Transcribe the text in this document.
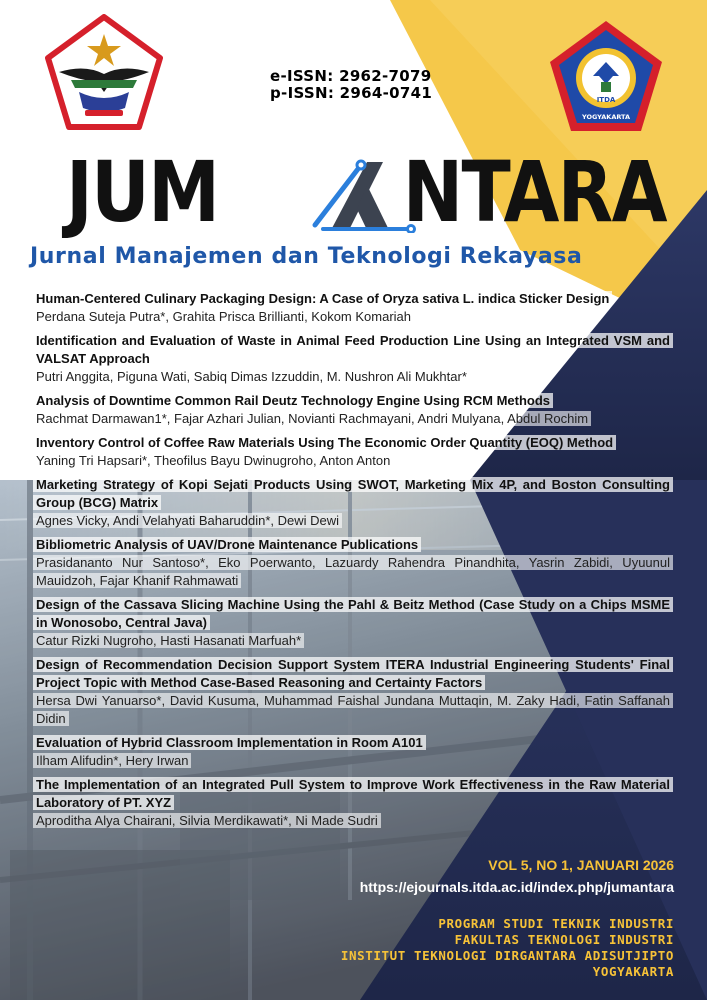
e-ISSN: 2962-7079
p-ISSN: 2964-0741	ITDA
YOGYAKARTA
JUM NTARA
Jurnal Manajemen dan Teknologi Rekayasa
Human-Centered Culinary Packaging Design: A Case of Oryza sativa L. indica Sticker Design
Perdana Suteja Putra*, Grahita Prisca Brillianti, Kokom Komariah
Identification and Evaluation of Waste in Animal Feed Production Line Using an Integrated VSM and VALSAT Approach
Putri Anggita, Piguna Wati, Sabiq Dimas Izzuddin, M. Nushron Ali Mukhtar*
Analysis of Downtime Common Rail Deutz Technology Engine Using RCM Methods
Rachmat Darmawan1*, Fajar Azhari Julian, Novianti Rachmayani, Andri Mulyana, Abdul Rochim
Inventory Control of Coffee Raw Materials Using The Economic Order Quantity (EOQ) Method
Yaning Tri Hapsari*, Theofilus Bayu Dwinugroho, Anton Anton
Marketing Strategy of Kopi Sejati Products Using SWOT, Marketing Mix 4P, and Boston Consulting Group (BCG) Matrix
Agnes Vicky, Andi Velahyati Baharuddin*, Dewi Dewi
Bibliometric Analysis of UAV/Drone Maintenance Publications
Prasidananto Nur Santoso*, Eko Poerwanto, Lazuardy Rahendra Pinandhita, Yasrin Zabidi, Uyuunul Mauidzoh, Fajar Khanif Rahmawati
Design of the Cassava Slicing Machine Using the Pahl & Beitz Method (Case Study on a Chips MSME in Wonosobo, Central Java)
Catur Rizki Nugroho, Hasti Hasanati Marfuah*
Design of Recommendation Decision Support System ITERA Industrial Engineering Students' Final Project Topic with Method Case-Based Reasoning and Certainty Factors
Hersa Dwi Yanuarso*, David Kusuma, Muhammad Faishal Jundana Muttaqin, M. Zaky Hadi, Fatin Saffanah Didin
Evaluation of Hybrid Classroom Implementation in Room A101
Ilham Alifudin*, Hery Irwan
The Implementation of an Integrated Pull System to Improve Work Effectiveness in the Raw Material Laboratory of PT. XYZ
Aproditha Alya Chairani, Silvia Merdikawati*, Ni Made Sudri
VOL 5, NO 1, JANUARI 2026
https://ejournals.itda.ac.id/index.php/jumantara
PROGRAM STUDI TEKNIK INDUSTRI
FAKULTAS TEKNOLOGI INDUSTRI
INSTITUT TEKNOLOGI DIRGANTARA ADISUTJIPTO
YOGYAKARTA
